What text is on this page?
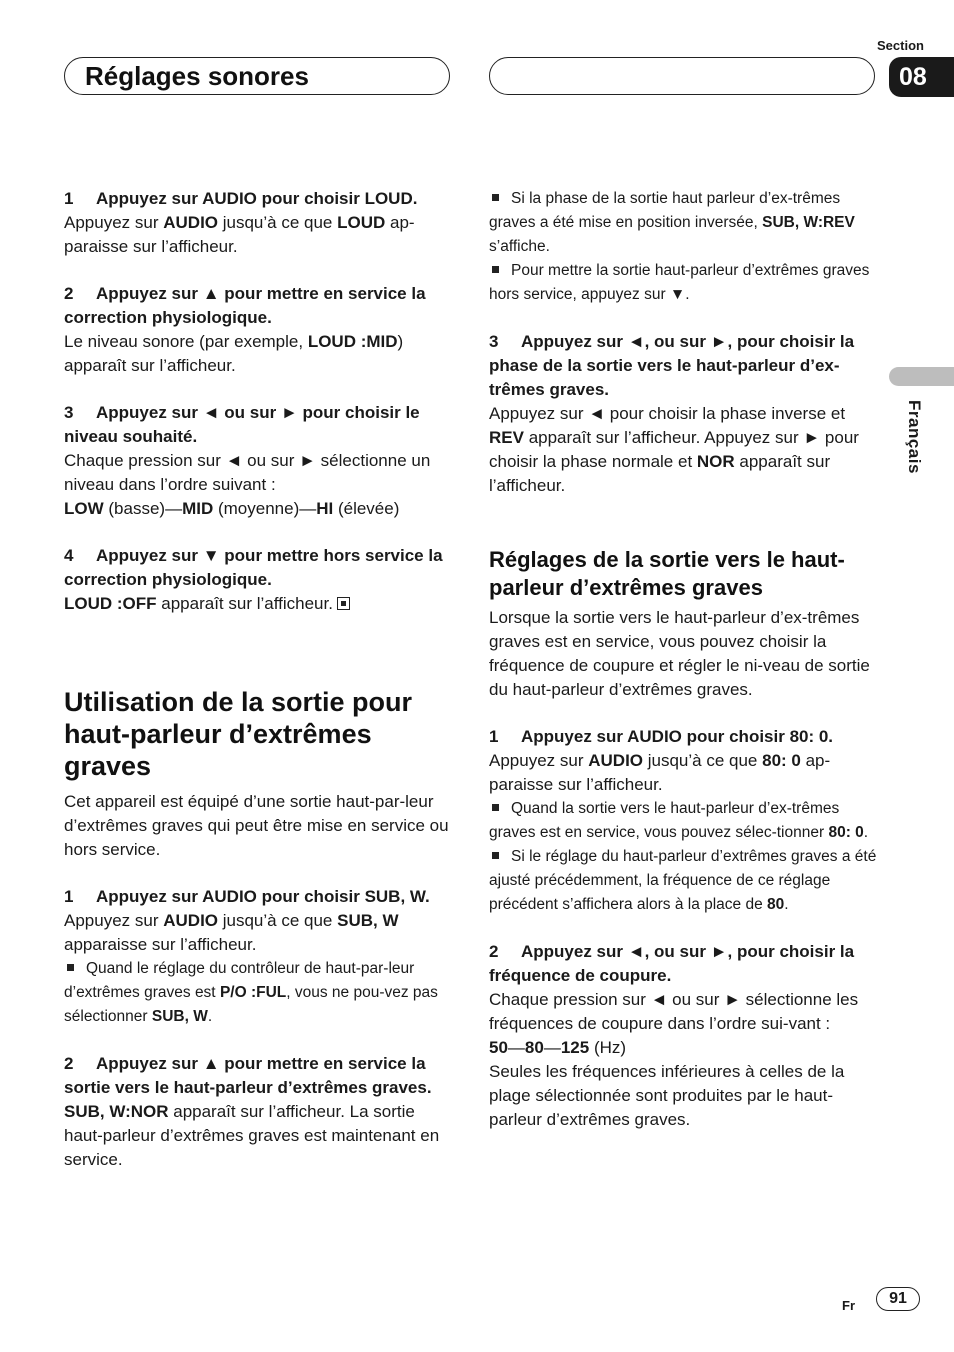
Réglages sonores
Section
08
Français

1 Appuyez sur AUDIO pour choisir LOUD.

Appuyez sur AUDIO jusqu’à ce que LOUD ap-paraisse sur l’afficheur.

2 Appuyez sur ▲ pour mettre en service la correction physiologique.

Le niveau sonore (par exemple, LOUD :MID) apparaît sur l’afficheur.

3 Appuyez sur ◄ ou sur ► pour choisir le niveau souhaité.

Chaque pression sur ◄ ou sur ► sélectionne un niveau dans l’ordre suivant :

LOW (basse)—MID (moyenne)—HI (élevée)

4 Appuyez sur ▼ pour mettre hors service la correction physiologique.

LOUD :OFF apparaît sur l’afficheur.

Utilisation de la sortie pour haut-parleur d’extrêmes graves

Cet appareil est équipé d’une sortie haut-par-leur d’extrêmes graves qui peut être mise en service ou hors service.

1 Appuyez sur AUDIO pour choisir SUB, W.

Appuyez sur AUDIO jusqu’à ce que SUB, W apparaisse sur l’afficheur.

Quand le réglage du contrôleur de haut-par-leur d’extrêmes graves est P/O :FUL, vous ne pou-vez pas sélectionner SUB, W.

2 Appuyez sur ▲ pour mettre en service la sortie vers le haut-parleur d’extrêmes graves.

SUB, W:NOR apparaît sur l’afficheur. La sortie haut-parleur d’extrêmes graves est maintenant en service.

Si la phase de la sortie haut parleur d’ex-trêmes graves a été mise en position inversée, SUB, W:REV s’affiche.

Pour mettre la sortie haut-parleur d’extrêmes graves hors service, appuyez sur ▼.

3 Appuyez sur ◄, ou sur ►, pour choisir la phase de la sortie vers le haut-parleur d’ex-trêmes graves.

Appuyez sur ◄ pour choisir la phase inverse et REV apparaît sur l’afficheur. Appuyez sur ► pour choisir la phase normale et NOR apparaît sur l’afficheur.

Réglages de la sortie vers le haut-parleur d’extrêmes graves

Lorsque la sortie vers le haut-parleur d’ex-trêmes graves est en service, vous pouvez choisir la fréquence de coupure et régler le ni-veau de sortie du haut-parleur d’extrêmes graves.

1 Appuyez sur AUDIO pour choisir 80: 0.

Appuyez sur AUDIO jusqu’à ce que 80: 0 ap-paraisse sur l’afficheur.

Quand la sortie vers le haut-parleur d’ex-trêmes graves est en service, vous pouvez sélec-tionner 80: 0.

Si le réglage du haut-parleur d’extrêmes graves a été ajusté précédemment, la fréquence de ce réglage précédent s’affichera alors à la place de 80.

2 Appuyez sur ◄, ou sur ►, pour choisir la fréquence de coupure.

Chaque pression sur ◄ ou sur ► sélectionne les fréquences de coupure dans l’ordre sui-vant :

50—80—125 (Hz)

Seules les fréquences inférieures à celles de la plage sélectionnée sont produites par le haut-parleur d’extrêmes graves.

Fr	91
